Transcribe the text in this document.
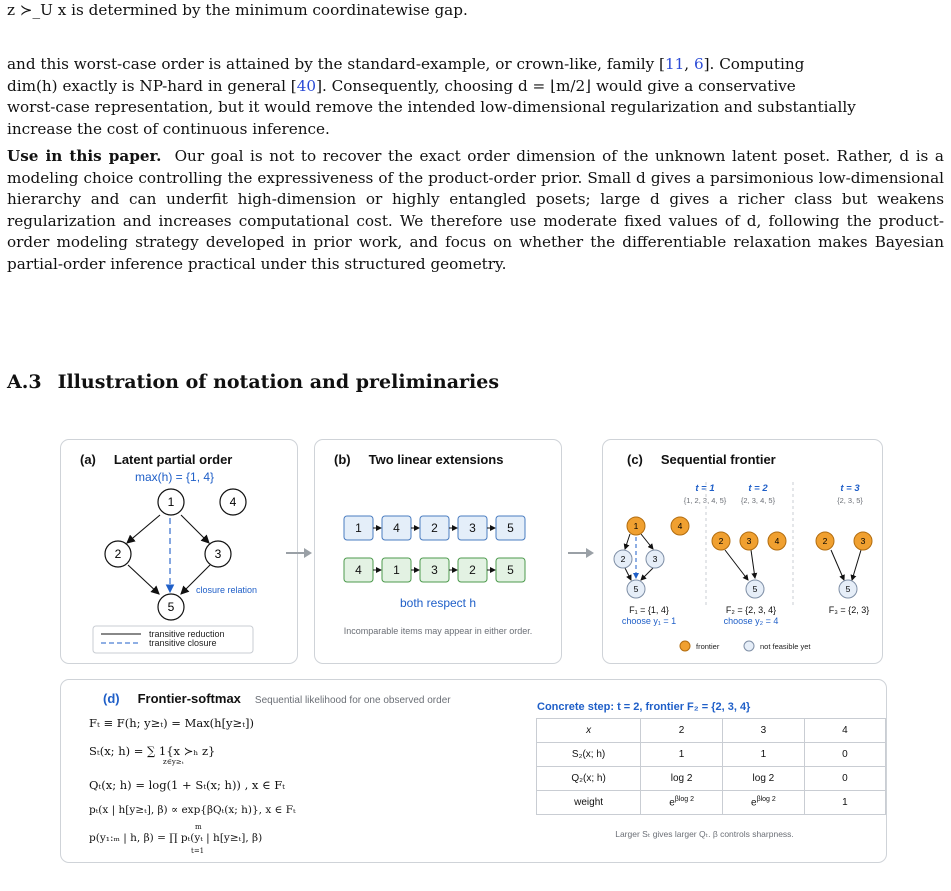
z ≻_U x is determined by the minimum coordinatewise gap.

and this worst-case order is attained by the standard-example, or crown-like, family [11, 6]. Computing
dim(h) exactly is NP-hard in general [40]. Consequently, choosing d = ⌊m/2⌋ would give a conservative
worst-case representation, but it would remove the intended low-dimensional regularization and substantially
increase the cost of continuous inference.
Use in this paper. Our goal is not to recover the exact order dimension of the unknown latent poset. Rather, d is a modeling choice controlling the expressiveness of the product-order prior. Small d gives a parsimonious low-dimensional hierarchy and can underfit high-dimension or highly entangled posets; large d gives a richer class but weakens regularization and increases computational cost. We therefore use moderate fixed values of d, following the product-order modeling strategy developed in prior work, and focus on whether the differentiable relaxation makes Bayesian partial-order inference practical under this structured geometry.
A.3 Illustration of notation and preliminaries
(a) Latent partial order
max(h) = {1, 4}
1	4
2	3
5
closure relation
transitive reduction
transitive closure
(b) Two linear extensions
1	4	2	3	5
4	1	3	2	5
both respect h
Incomparable items may appear in either order.
(c) Sequential frontier
t = 1
{1, 2, 3, 4, 5}
t = 2
{2, 3, 4, 5}
t = 3
{2, 3, 5}
1	4
2	3
5
2	3	4
5
2	3
5
F₁ = {1, 4}
choose y₁ = 1
F₂ = {2, 3, 4}
choose y₂ = 4
F₃ = {2, 3}
frontier	not feasible yet
(d) Frontier-softmax Sequential likelihood for one observed order
Fₜ ≡ F(h; y≥ₜ) = Max(h[y≥ₜ])
Sₜ(x; h) = ∑ 1{x ≻ₕ z}
z∈y≥ₜ
Qₜ(x; h) = log(1 + Sₜ(x; h)) , x ∈ Fₜ
pₜ(x | h[y≥ₜ], β) ∝ exp{βQₜ(x; h)}, x ∈ Fₜ
m
p(y₁:ₘ | h, β) = ∏ pₜ(yₜ | h[y≥ₜ], β)
t=1
Concrete step: t = 2, frontier F₂ = {2, 3, 4}
x	2	3	4
S₂(x; h)	1	1	0
Q₂(x; h)	log 2	log 2	0
weight	$e^{\beta log 2}$	$e^{\beta log 2}$	1
Larger Sₜ gives larger Qₜ. β controls sharpness.
